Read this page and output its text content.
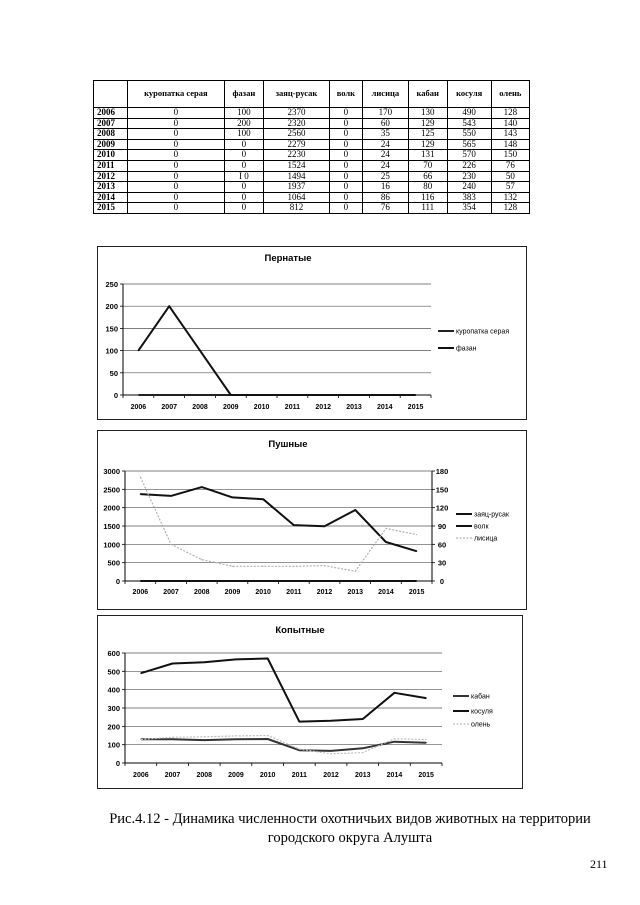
	куропатка серая	фазан	заяц-русак	волк	лисица	кабан	косуля	олень
2006	0	100	2370	0	170	130	490	128
2007	0	200	2320	0	60	129	543	140
2008	0	100	2560	0	35	125	550	143
2009	0	0	2279	0	24	129	565	148
2010	0	0	2230	0	24	131	570	150
2011	0	0	1524	0	24	70	226	76
2012	0	І 0	1494	0	25	66	230	50
2013	0	0	1937	0	16	80	240	57
2014	0	0	1064	0	86	116	383	132
2015	0	0	812	0	76	111	354	128
Пернатые
0
50
100
150
200
250
2006 2007 2008 2009 2010 2011 2012 2013 2014 2015
куропатка серая
фазан
Пушные
0
500
1000
1500
2000
2500
3000
0
30
60
90
120
150
180
2006 2007 2008 2009 2010 2011 2012 2013 2014 2015
заяц-русак
волк
лисица
Копытные
0
100
200
300
400
500
600
2006 2007 2008 2009 2010 2011 2012 2013 2014 2015
кабан
косуля
олень
Рис.4.12 - Динамика численности охотничьих видов животных на территории
городского округа Алушта
211
